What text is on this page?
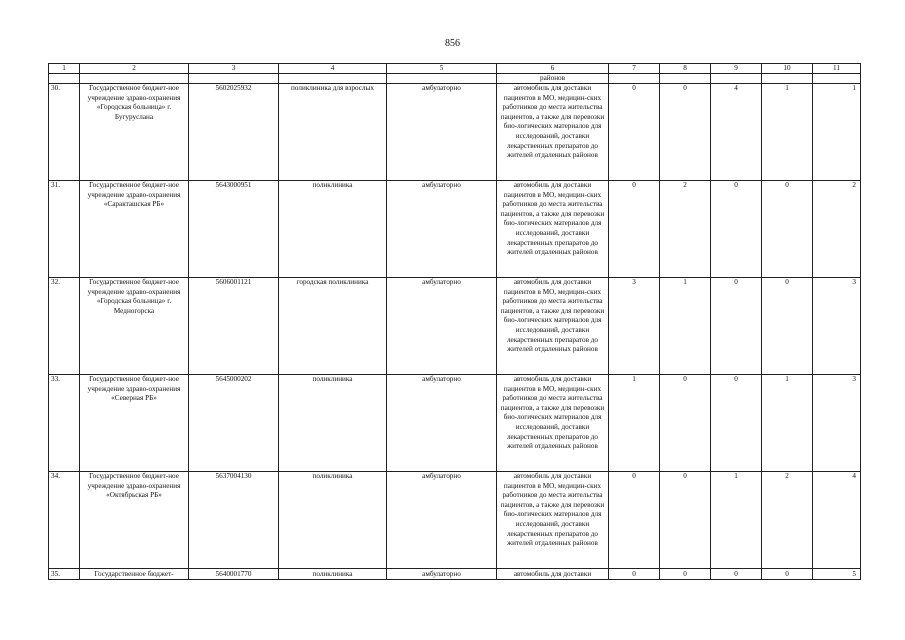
856
1	2	3	4	5	6	7	8	9	10	11
					районов					
30.	Государственное бюджет-ное учреждение здраво-охранения «Городская больница» г. Бугуруслана	5602025932	поликлиника для взрослых	амбулаторно	автомобиль для доставки пациентов в МО, медицин-ских работников до места жительства пациентов, а также для перевозки био-логических материалов для исследований, доставки лекарственных препаратов до жителей отдаленных районов	0	0	4	1	1
31.	Государственное бюджет-ное учреждение здраво-охранения «Саракташская РБ»	5643000951	поликлиника	амбулаторно	автомобиль для доставки пациентов в МО, медицин-ских работников до места жительства пациентов, а также для перевозки био-логических материалов для исследований, доставки лекарственных препаратов до жителей отдаленных районов	0	2	0	0	2
32.	Государственное бюджет-ное учреждение здраво-охранения «Городская больница» г. Медногорска	5606001121	городская поликлиника	амбулаторно	автомобиль для доставки пациентов в МО, медицин-ских работников до места жительства пациентов, а также для перевозки био-логических материалов для исследований, доставки лекарственных препаратов до жителей отдаленных районов	3	1	0	0	3
33.	Государственное бюджет-ное учреждение здраво-охранения «Северная РБ»	5645000202	поликлиника	амбулаторно	автомобиль для доставки пациентов в МО, медицин-ских работников до места жительства пациентов, а также для перевозки био-логических материалов для исследований, доставки лекарственных препаратов до жителей отдаленных районов	1	0	0	1	3
34.	Государственное бюджет-ное учреждение здраво-охранения «Октябрьская РБ»	5637004130	поликлиника	амбулаторно	автомобиль для доставки пациентов в МО, медицин-ских работников до места жительства пациентов, а также для перевозки био-логических материалов для исследований, доставки лекарственных препаратов до жителей отдаленных районов	0	0	1	2	4
35.	Государственное бюджет-	5640001770	поликлиника	амбулаторно	автомобиль для доставки	0	0	0	0	5
